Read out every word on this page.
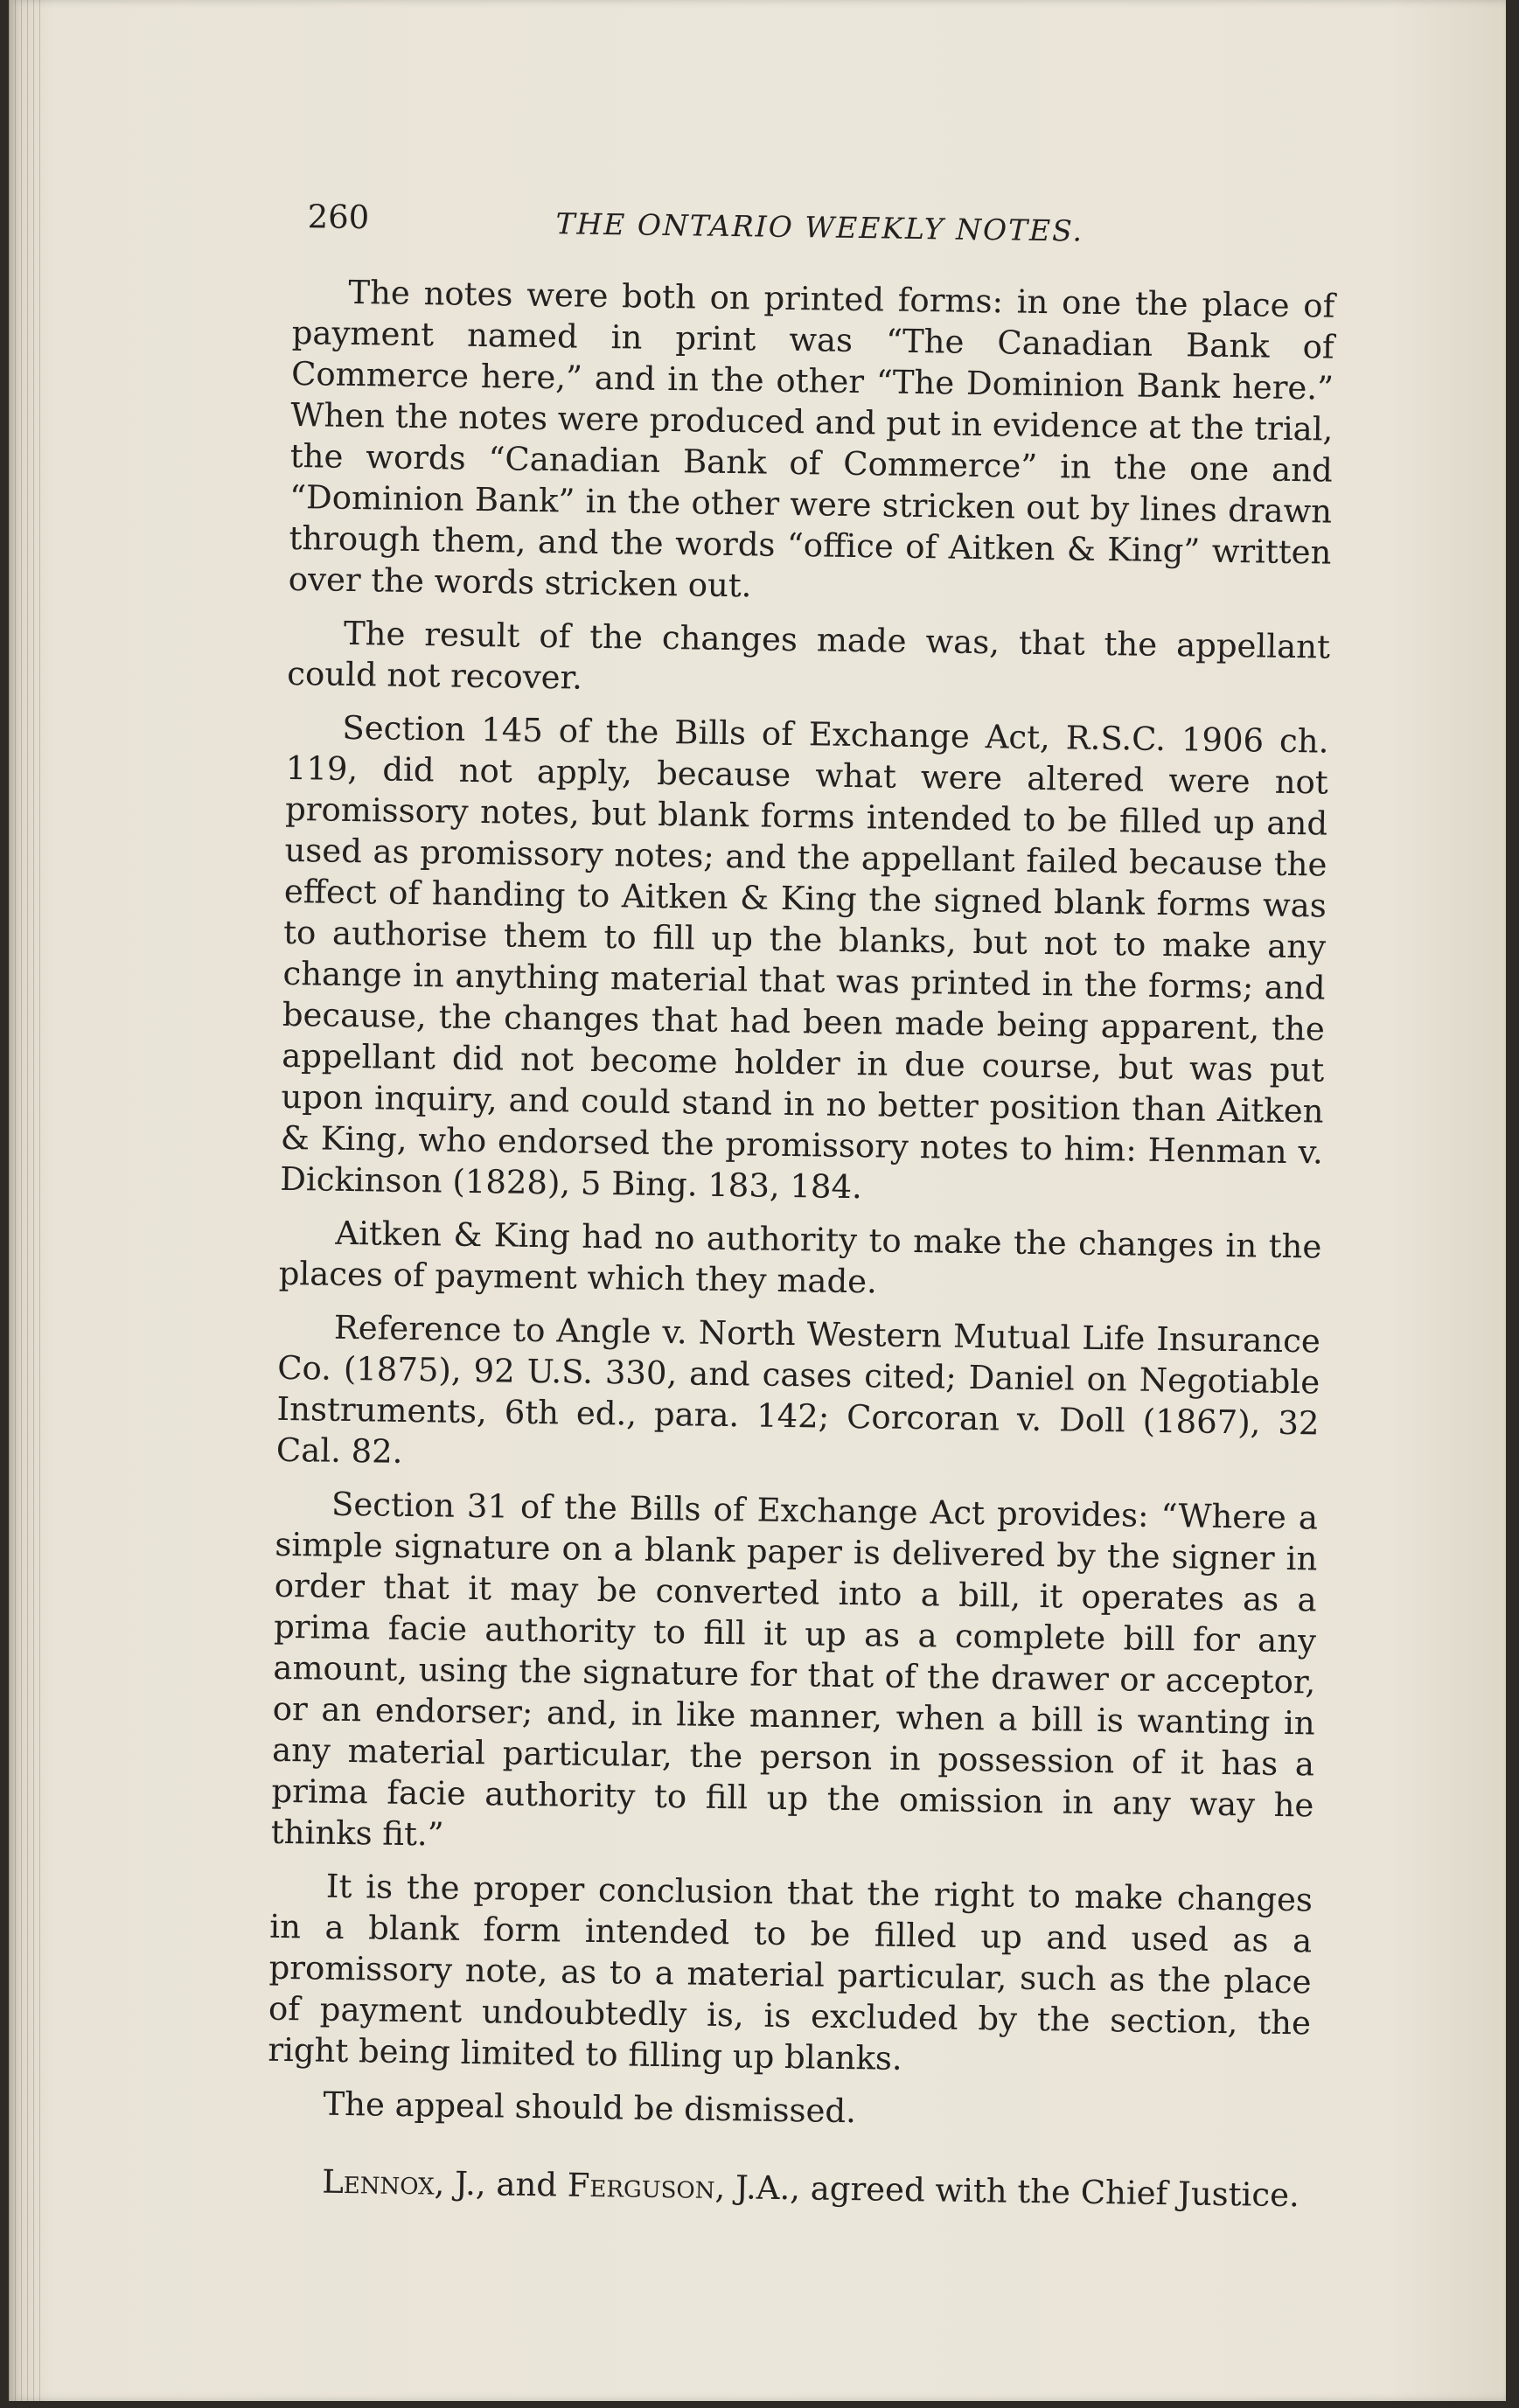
260	THE ONTARIO WEEKLY NOTES.

The notes were both on printed forms: in one the place of payment named in print was “The Canadian Bank of Commerce here,” and in the other “The Dominion Bank here.” When the notes were produced and put in evidence at the trial, the words “Canadian Bank of Commerce” in the one and “Dominion Bank” in the other were stricken out by lines drawn through them, and the words “office of Aitken & King” written over the words stricken out.

The result of the changes made was, that the appellant could not recover.

Section 145 of the Bills of Exchange Act, R.S.C. 1906 ch. 119, did not apply, because what were altered were not promissory notes, but blank forms intended to be filled up and used as promissory notes; and the appellant failed because the effect of handing to Aitken & King the signed blank forms was to authorise them to fill up the blanks, but not to make any change in anything material that was printed in the forms; and because, the changes that had been made being apparent, the appellant did not become holder in due course, but was put upon inquiry, and could stand in no better position than Aitken & King, who endorsed the promissory notes to him: Henman v. Dickinson (1828), 5 Bing. 183, 184.

Aitken & King had no authority to make the changes in the places of payment which they made.

Reference to Angle v. North Western Mutual Life Insurance Co. (1875), 92 U.S. 330, and cases cited; Daniel on Negotiable Instruments, 6th ed., para. 142; Corcoran v. Doll (1867), 32 Cal. 82.

Section 31 of the Bills of Exchange Act provides: “Where a simple signature on a blank paper is delivered by the signer in order that it may be converted into a bill, it operates as a prima facie authority to fill it up as a complete bill for any amount, using the signature for that of the drawer or acceptor, or an endorser; and, in like manner, when a bill is wanting in any material particular, the person in possession of it has a prima facie authority to fill up the omission in any way he thinks fit.”

It is the proper conclusion that the right to make changes in a blank form intended to be filled up and used as a promissory note, as to a material particular, such as the place of payment undoubtedly is, is excluded by the section, the right being limited to filling up blanks.

The appeal should be dismissed.

Lennox, J., and Ferguson, J.A., agreed with the Chief Justice.
